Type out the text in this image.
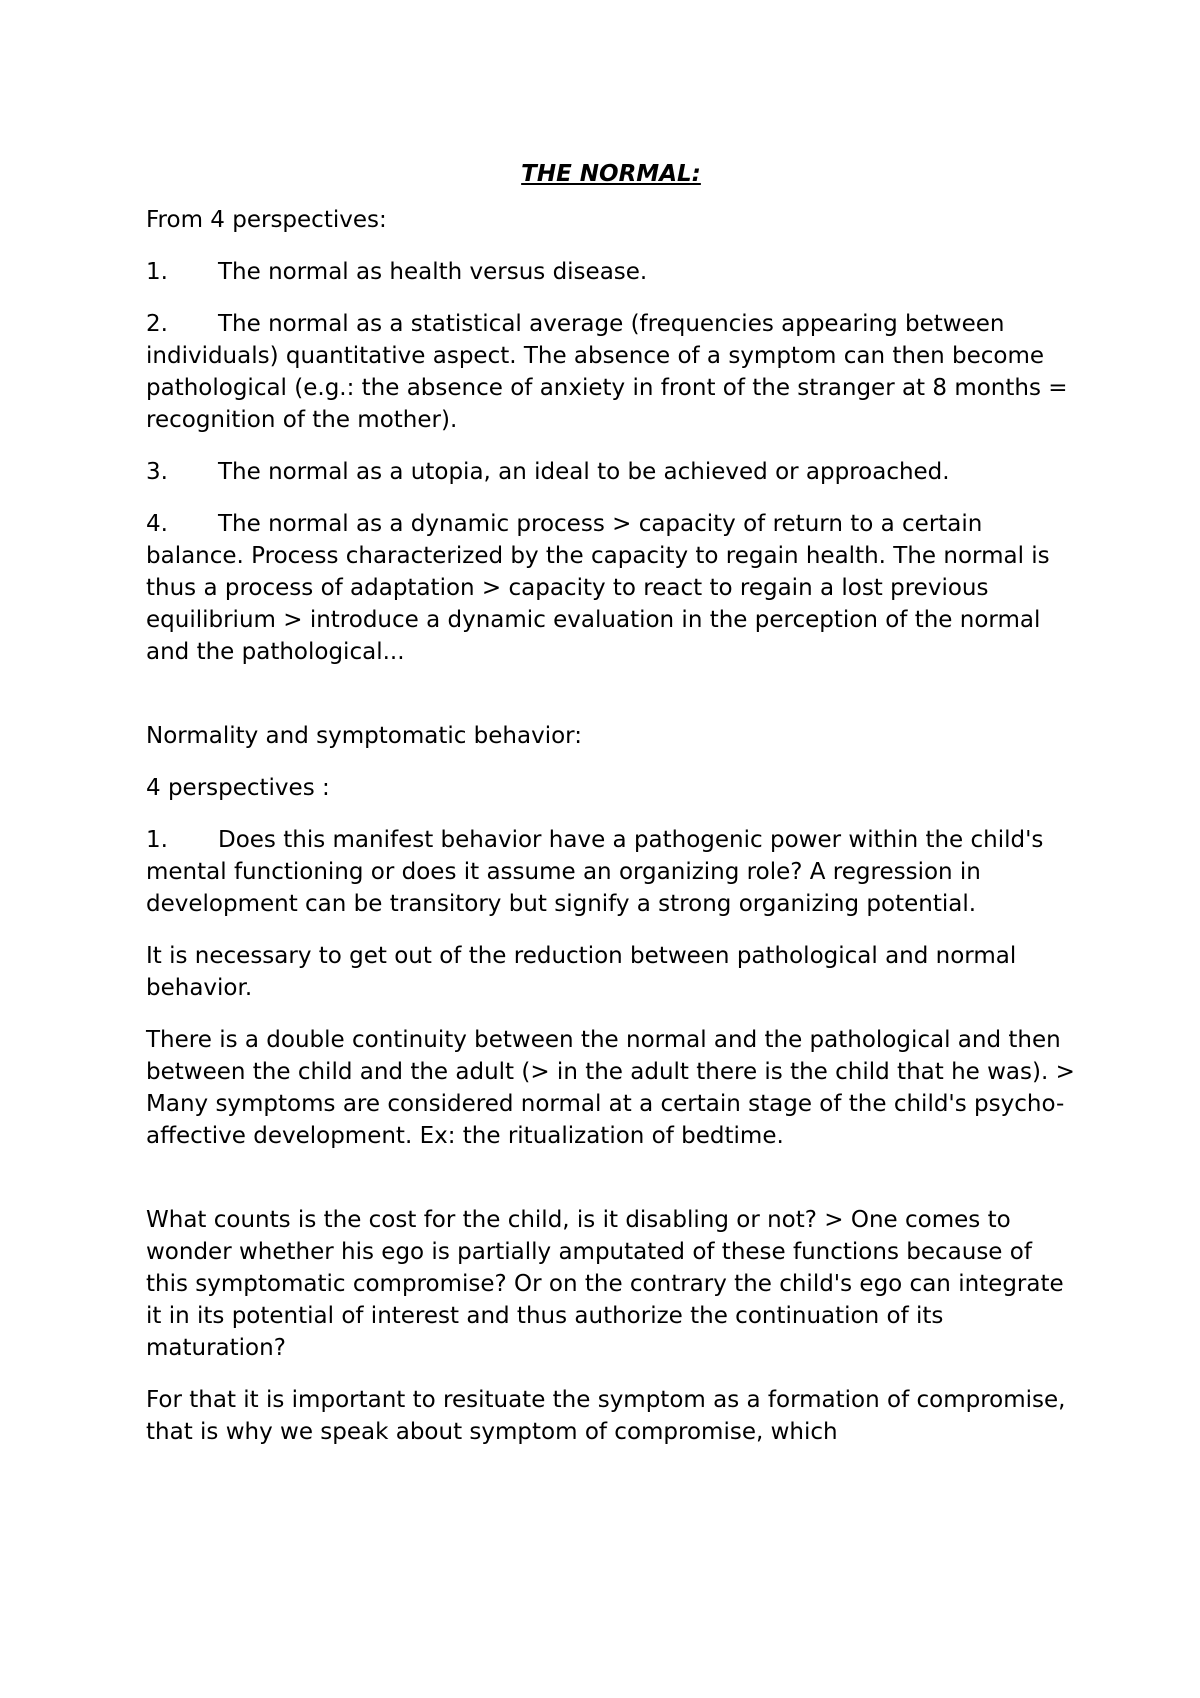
THE NORMAL:

From 4 perspectives:

1. The normal as health versus disease.
2. The normal as a statistical average (frequencies appearing between individuals) quantitative aspect. The absence of a symptom can then become pathological (e.g.: the absence of anxiety in front of the stranger at 8 months = recognition of the mother).
3. The normal as a utopia, an ideal to be achieved or approached.
4. The normal as a dynamic process > capacity of return to a certain balance. Process characterized by the capacity to regain health. The normal is thus a process of adaptation > capacity to react to regain a lost previous equilibrium > introduce a dynamic evaluation in the perception of the normal and the pathological...

Normality and symptomatic behavior:

4 perspectives :

1. Does this manifest behavior have a pathogenic power within the child's mental functioning or does it assume an organizing role? A regression in development can be transitory but signify a strong organizing potential.

It is necessary to get out of the reduction between pathological and normal behavior.

There is a double continuity between the normal and the pathological and then between the child and the adult (> in the adult there is the child that he was). > Many symptoms are considered normal at a certain stage of the child's psycho-affective development. Ex: the ritualization of bedtime.

What counts is the cost for the child, is it disabling or not? > One comes to wonder whether his ego is partially amputated of these functions because of this symptomatic compromise? Or on the contrary the child's ego can integrate it in its potential of interest and thus authorize the continuation of its maturation?

For that it is important to resituate the symptom as a formation of compromise, that is why we speak about symptom of compromise, which
